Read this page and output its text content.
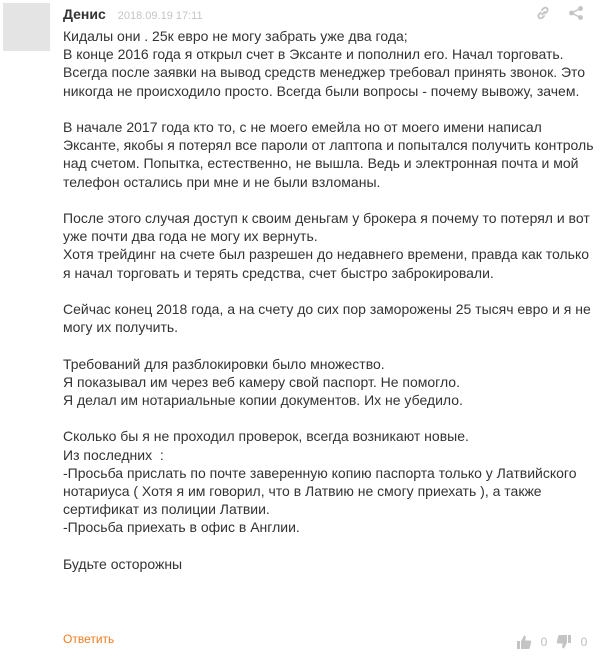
Денис 2018.09.19 17:11

Кидалы они . 25к евро не могу забрать уже два года;

В конце 2016 года я открыл счет в Эксанте и пополнил его. Начал торговать. Всегда после заявки на вывод средств менеджер требовал принять звонок. Это никогда не происходило просто. Всегда были вопросы - почему вывожу, зачем.

В начале 2017 года кто то, с не моего емейла но от моего имени написал Эксанте, якобы я потерял все пароли от лаптопа и попытался получить контроль над счетом. Попытка, естественно, не вышла. Ведь и электронная почта и мой телефон остались при мне и не были взломаны.

После этого случая доступ к своим деньгам у брокера я почему то потерял и вот уже почти два года не могу их вернуть.

Хотя трейдинг на счете был разрешен до недавнего времени, правда как только я начал торговать и терять средства, счет быстро заброкировали.

Сейчас конец 2018 года, а на счету до сих пор заморожены 25 тысяч евро и я не могу их получить.

Требований для разблокировки было множество.

Я показывал им через веб камеру свой паспорт. Не помогло.

Я делал им нотариальные копии документов. Их не убедило.

Сколько бы я не проходил проверок, всегда возникают новые.

Из последних  :

-Просьба прислать по почте заверенную копию паспорта только у Латвийского нотариуса ( Хотя я им говорил, что в Латвию не смогу приехать ), а также сертификат из полиции Латвии.

-Просьба приехать в офис в Англии.

Будьте осторожны

Ответить	0	0
